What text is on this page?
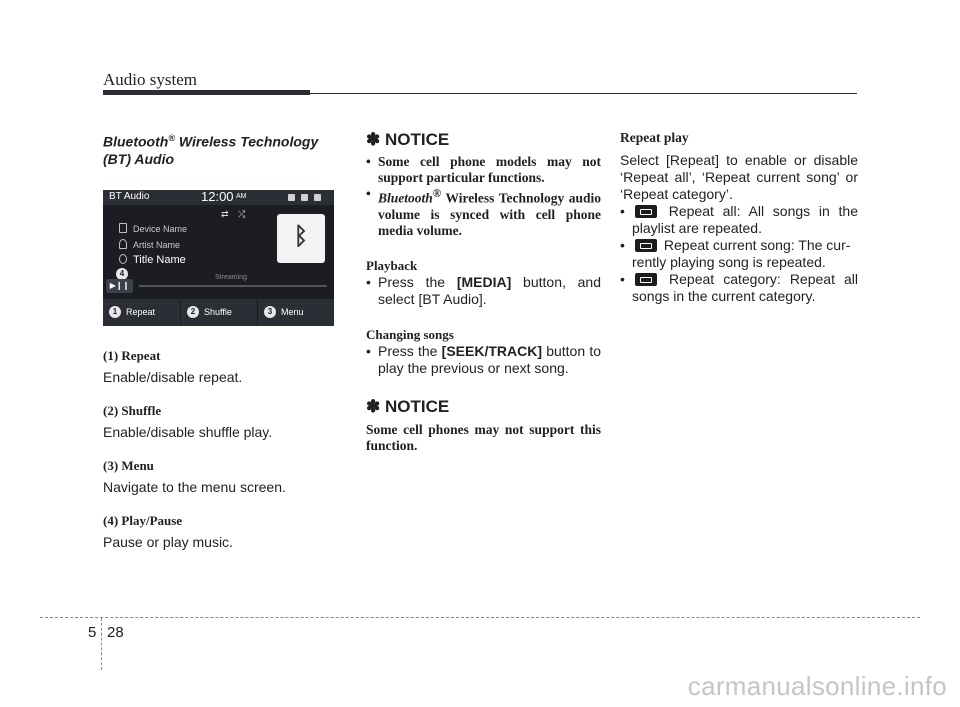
Audio system
Bluetooth® Wireless Technology
(BT) Audio
BT Audio	12:00 AM
⇄ ⤮
Device Name
Artist Name
Title Name
ᛒ
4
▶❙❙
Streaming
1 Repeat	2 Shuffle	3 Menu

(1) Repeat

Enable/disable repeat.

(2) Shuffle

Enable/disable shuffle play.

(3) Menu

Navigate to the menu screen.

(4) Play/Pause

Pause or play music.

✽ NOTICE

• Some cell phone models may not support particular functions.

• Bluetooth® Wireless Technology audio volume is synced with cell phone media volume.

Playback

• Press the [MEDIA] button, and select [BT Audio].

Changing songs

• Press the [SEEK/TRACK] button to play the previous or next song.

✽ NOTICE

Some cell phones may not support this function.

Repeat play

Select [Repeat] to enable or disable ‘Repeat all’, ‘Repeat current song’ or ‘Repeat category’.

• Repeat all: All songs in the playlist are repeated.

• Repeat current song: The cur-
rently playing song is repeated.

• Repeat category: Repeat all songs in the current category.

5 28
carmanualsonline.info
